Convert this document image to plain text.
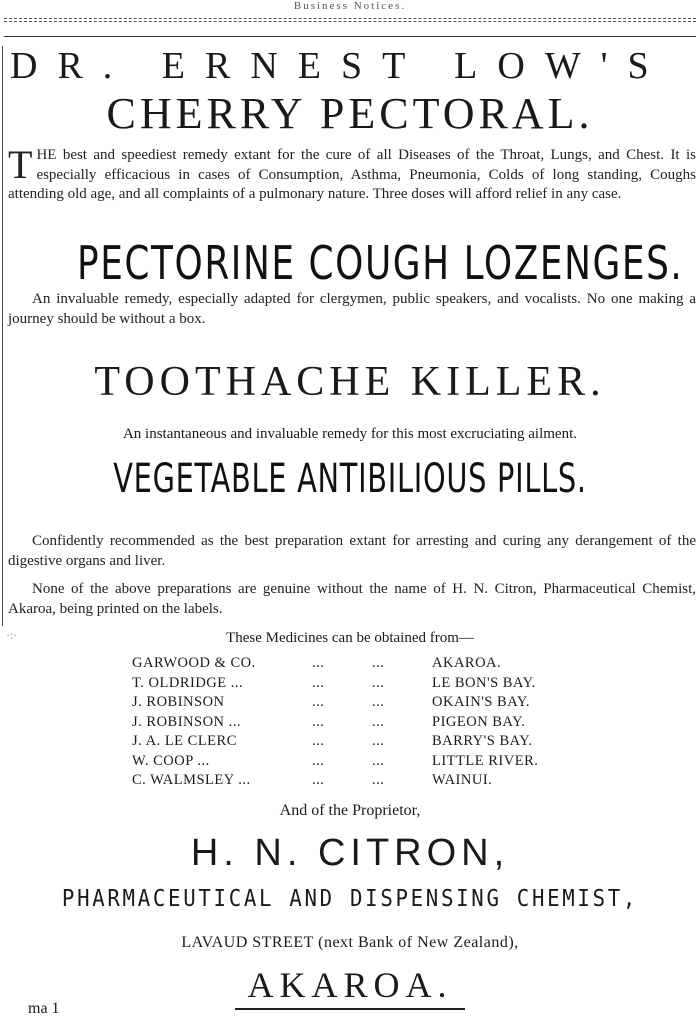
Business Notices.
DR. ERNEST LOW'S
CHERRY PECTORAL.
THE best and speediest remedy extant for the cure of all Diseases of the Throat, Lungs, and Chest. It is especially efficacious in cases of Consumption, Asthma, Pneumonia, Colds of long standing, Coughs attending old age, and all complaints of a pulmonary nature. Three doses will afford relief in any case.
PECTORINE COUGH LOZENGES.
An invaluable remedy, especially adapted for clergymen, public speakers, and vocalists. No one making a journey should be without a box.
TOOTHACHE KILLER.
An instantaneous and invaluable remedy for this most excruciating ailment.
VEGETABLE ANTIBILIOUS PILLS.
Confidently recommended as the best preparation extant for arresting and curing any derangement of the digestive organs and liver.
None of the above preparations are genuine without the name of H. N. Citron, Pharmaceutical Chemist, Akaroa, being printed on the labels.
·:·	These Medicines can be obtained from—
GARWOOD & CO.	...	...	AKAROA.
T. OLDRIDGE ...	...	...	LE BON'S BAY.
J. ROBINSON	...	...	OKAIN'S BAY.
J. ROBINSON ...	...	...	PIGEON BAY.
J. A. LE CLERC	...	...	BARRY'S BAY.
W. COOP ...	...	...	LITTLE RIVER.
C. WALMSLEY ...	...	...	WAINUI.
And of the Proprietor,
H. N. CITRON,
PHARMACEUTICAL AND DISPENSING CHEMIST,
LAVAUD STREET (next Bank of New Zealand),
AKAROA.
ma 1
